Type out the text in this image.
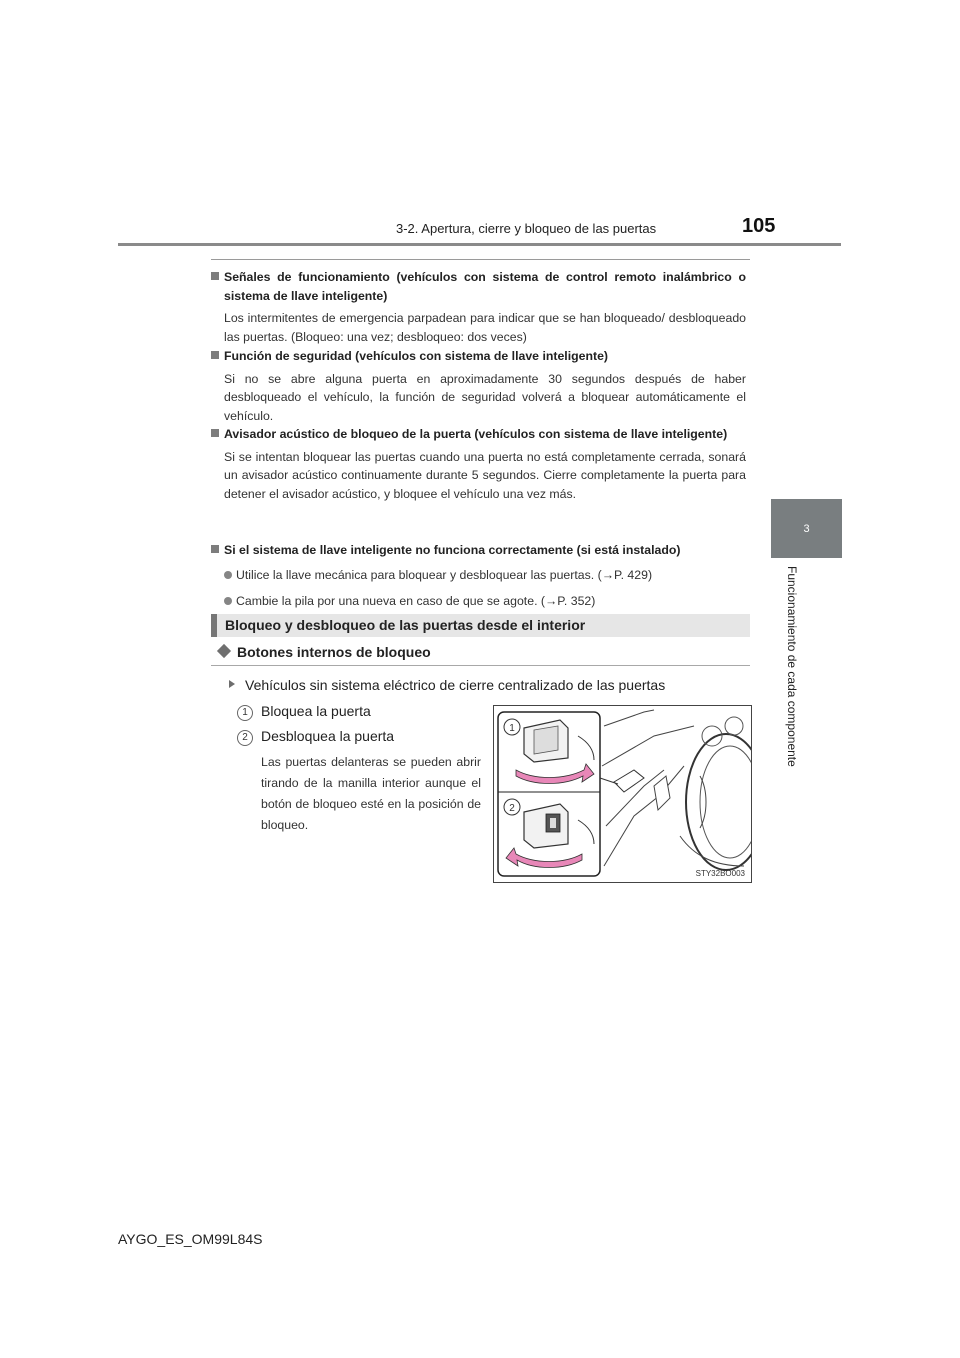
3-2. Apertura, cierre y bloqueo de las puertas	105
3
Funcionamiento de cada componente
Señales de funcionamiento (vehículos con sistema de control remoto inalámbrico o sistema de llave inteligente)
Los intermitentes de emergencia parpadean para indicar que se han bloqueado/ desbloqueado las puertas. (Bloqueo: una vez; desbloqueo: dos veces)
Función de seguridad (vehículos con sistema de llave inteligente)
Si no se abre alguna puerta en aproximadamente 30 segundos después de haber desbloqueado el vehículo, la función de seguridad volverá a bloquear automáticamente el vehículo.
Avisador acústico de bloqueo de la puerta (vehículos con sistema de llave inteligente)
Si se intentan bloquear las puertas cuando una puerta no está completamente cerrada, sonará un avisador acústico continuamente durante 5 segundos. Cierre completamente la puerta para detener el avisador acústico, y bloquee el vehículo una vez más.
Si el sistema de llave inteligente no funciona correctamente (si está instalado)
Utilice la llave mecánica para bloquear y desbloquear las puertas. (→P. 429)
Cambie la pila por una nueva en caso de que se agote. (→P. 352)
Bloqueo y desbloqueo de las puertas desde el interior
Botones internos de bloqueo
Vehículos sin sistema eléctrico de cierre centralizado de las puertas
1 Bloquea la puerta
2 Desbloquea la puerta
Las puertas delanteras se pueden abrir tirando de la manilla interior aunque el botón de bloqueo esté en la posición de bloqueo.
1
2
STY32BO003
AYGO_ES_OM99L84S
